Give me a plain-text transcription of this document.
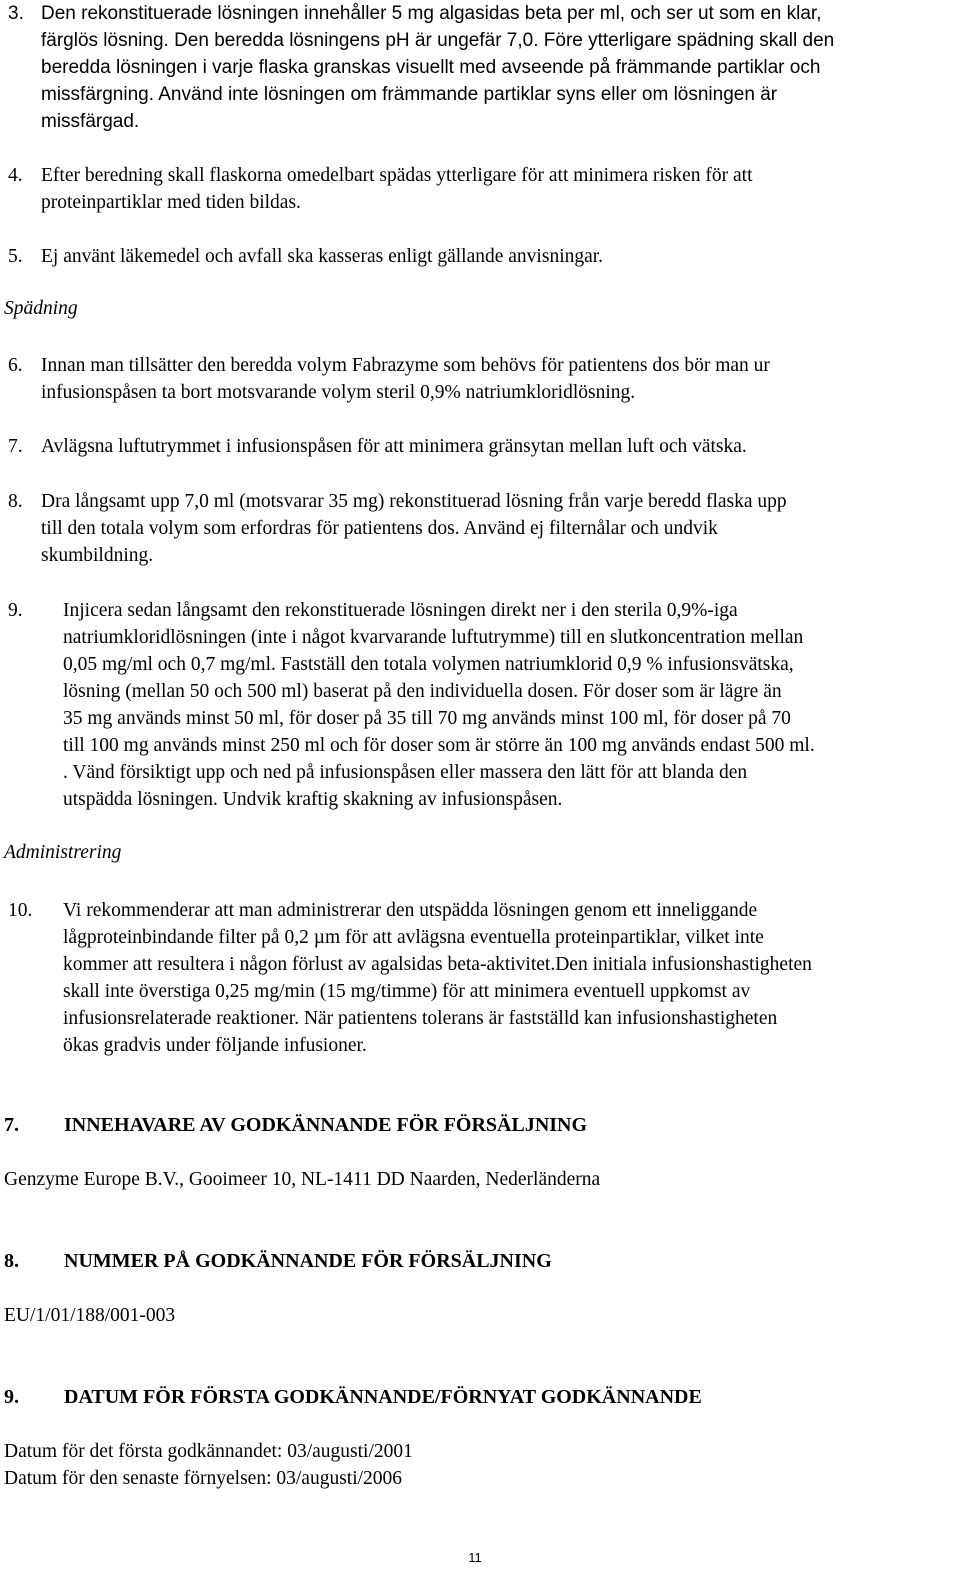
3. Den rekonstituerade lösningen innehåller 5 mg algasidas beta per ml, och ser ut som en klar,
färglös lösning. Den beredda lösningens pH är ungefär 7,0. Före ytterligare spädning skall den
beredda lösningen i varje flaska granskas visuellt med avseende på främmande partiklar och
missfärgning. Använd inte lösningen om främmande partiklar syns eller om lösningen är
missfärgad.
4. Efter beredning skall flaskorna omedelbart spädas ytterligare för att minimera risken för att
proteinpartiklar med tiden bildas.
5. Ej använt läkemedel och avfall ska kasseras enligt gällande anvisningar.
Spädning
6. Innan man tillsätter den beredda volym Fabrazyme som behövs för patientens dos bör man ur
infusionspåsen ta bort motsvarande volym steril 0,9% natriumkloridlösning.
7. Avlägsna luftutrymmet i infusionspåsen för att minimera gränsytan mellan luft och vätska.
8. Dra långsamt upp 7,0 ml (motsvarar 35 mg) rekonstituerad lösning från varje beredd flaska upp
till den totala volym som erfordras för patientens dos. Använd ej filternålar och undvik
skumbildning.
9. Injicera sedan långsamt den rekonstituerade lösningen direkt ner i den sterila 0,9%-iga
natriumkloridlösningen (inte i något kvarvarande luftutrymme) till en slutkoncentration mellan
0,05 mg/ml och 0,7 mg/ml. Fastställ den totala volymen natriumklorid 0,9 % infusionsvätska,
lösning (mellan 50 och 500 ml) baserat på den individuella dosen. För doser som är lägre än
35 mg används minst 50 ml, för doser på 35 till 70 mg används minst 100 ml, för doser på 70
till 100 mg används minst 250 ml och för doser som är större än 100 mg används endast 500 ml.
. Vänd försiktigt upp och ned på infusionspåsen eller massera den lätt för att blanda den
utspädda lösningen. Undvik kraftig skakning av infusionspåsen.
Administrering
10. Vi rekommenderar att man administrerar den utspädda lösningen genom ett inneliggande
lågproteinbindande filter på 0,2 µm för att avlägsna eventuella proteinpartiklar, vilket inte
kommer att resultera i någon förlust av agalsidas beta-aktivitet.Den initiala infusionshastigheten
skall inte överstiga 0,25 mg/min (15 mg/timme) för att minimera eventuell uppkomst av
infusionsrelaterade reaktioner. När patientens tolerans är fastställd kan infusionshastigheten
ökas gradvis under följande infusioner.
7. INNEHAVARE AV GODKÄNNANDE FÖR FÖRSÄLJNING
Genzyme Europe B.V., Gooimeer 10, NL-1411 DD Naarden, Nederländerna
8. NUMMER PÅ GODKÄNNANDE FÖR FÖRSÄLJNING
EU/1/01/188/001-003
9. DATUM FÖR FÖRSTA GODKÄNNANDE/FÖRNYAT GODKÄNNANDE
Datum för det första godkännandet: 03/augusti/2001
Datum för den senaste förnyelsen: 03/augusti/2006
11
